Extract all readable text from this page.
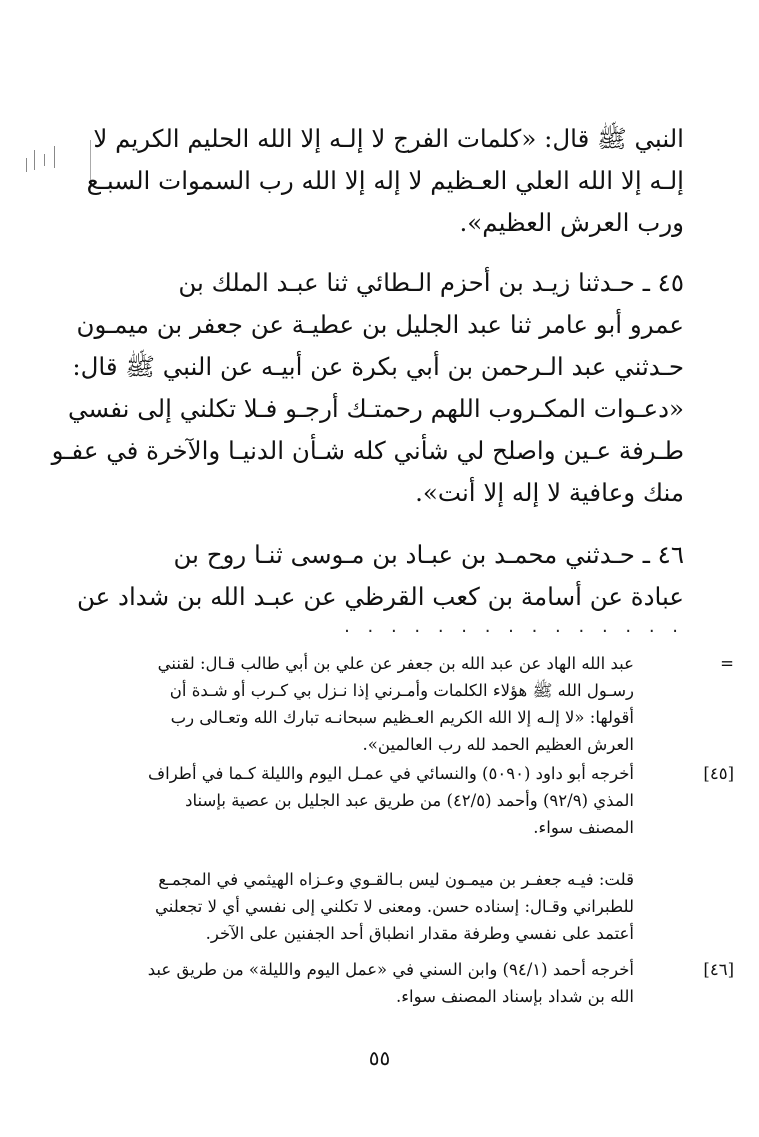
النبي ﷺ قال: «كلمات الفرج لا إلـه إلا الله الحليم الكريم لا
إلـه إلا الله العلي العـظيم لا إله إلا الله رب السموات السبـع
ورب العرش العظيم».
٤٥ ـ حـدثنا زيـد بن أحزم الـطائي ثنا عبـد الملك بن
عمرو أبو عامر ثنا عبد الجليل بن عطيـة عن جعفر بن ميمـون
حـدثني عبد الـرحمن بن أبي بكرة عن أبيـه عن النبي ﷺ قال:
«دعـوات المكـروب اللهم رحمتـك أرجـو فـلا تكلني إلى نفسي
طـرفة عـين واصلح لي شأني كله شـأن الدنيـا والآخرة في عفـو
منك وعافية لا إله إلا أنت».
٤٦ ـ حـدثني محمـد بن عبـاد بن مـوسى ثنـا روح بن
عبادة عن أسامة بن كعب القرظي عن عبـد الله بن شداد عن
. . . . . . . . . . . . . . .
=
عبد الله الهاد عن عبد الله بن جعفر عن علي بن أبي طالب قـال: لقنني
رسـول الله ﷺ هؤلاء الكلمات وأمـرني إذا نـزل بي كـرب أو شـدة أن
أقولها: «لا إلـه إلا الله الكريم العـظيم سبحانـه تبارك الله وتعـالى رب
العرش العظيم الحمد لله رب العالمين».
[٤٥]
أخرجه أبو داود (٥٠٩٠) والنسائي في عمـل اليوم والليلة كـما في أطراف
المذي (٩٢/٩) وأحمد (٤٢/٥) من طريق عبد الجليل بن عصية بإسناد
المصنف سواء.
قلت: فيـه جعفـر بن ميمـون ليس بـالقـوي وعـزاه الهيثمي في المجمـع
للطبراني وقـال: إسناده حسن. ومعنى لا تكلني إلى نفسي أي لا تجعلني
أعتمد على نفسي وطرفة مقدار انطباق أحد الجفنين على الآخر.
[٤٦]
أخرجه أحمد (٩٤/١) وابن السني في «عمل اليوم والليلة» من طريق عبد
الله بن شداد بإسناد المصنف سواء.
٥٥
